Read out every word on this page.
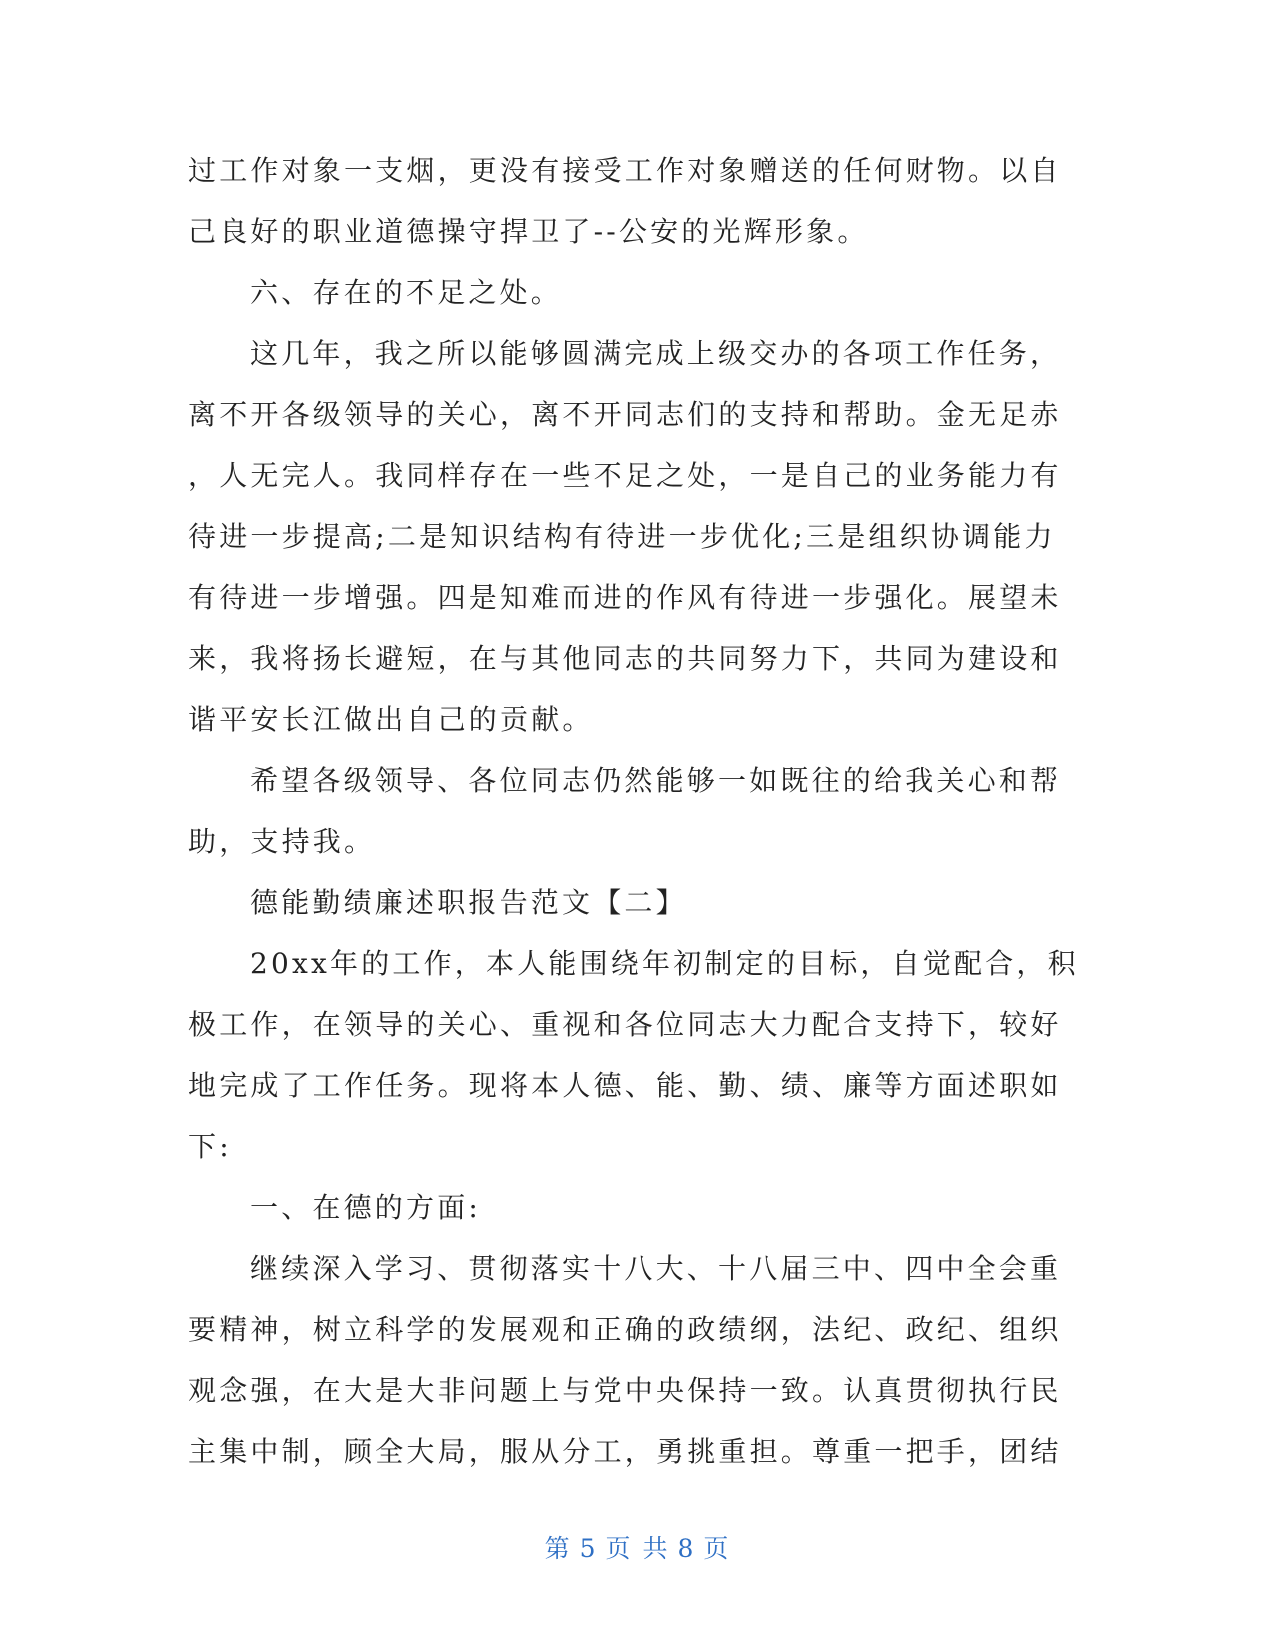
过工作对象一支烟，更没有接受工作对象赠送的任何财物。以自
己良好的职业道德操守捍卫了--公安的光辉形象。
六、存在的不足之处。
这几年，我之所以能够圆满完成上级交办的各项工作任务，
离不开各级领导的关心，离不开同志们的支持和帮助。金无足赤
，人无完人。我同样存在一些不足之处，一是自己的业务能力有
待进一步提高;二是知识结构有待进一步优化;三是组织协调能力
有待进一步增强。四是知难而进的作风有待进一步强化。展望未
来，我将扬长避短，在与其他同志的共同努力下，共同为建设和
谐平安长江做出自己的贡献。
希望各级领导、各位同志仍然能够一如既往的给我关心和帮
助，支持我。
德能勤绩廉述职报告范文【二】
20xx年的工作，本人能围绕年初制定的目标，自觉配合，积
极工作，在领导的关心、重视和各位同志大力配合支持下，较好
地完成了工作任务。现将本人德、能、勤、绩、廉等方面述职如
下:
一、在德的方面:
继续深入学习、贯彻落实十八大、十八届三中、四中全会重
要精神，树立科学的发展观和正确的政绩纲，法纪、政纪、组织
观念强，在大是大非问题上与党中央保持一致。认真贯彻执行民
主集中制，顾全大局，服从分工，勇挑重担。尊重一把手，团结
第 5 页 共 8 页
